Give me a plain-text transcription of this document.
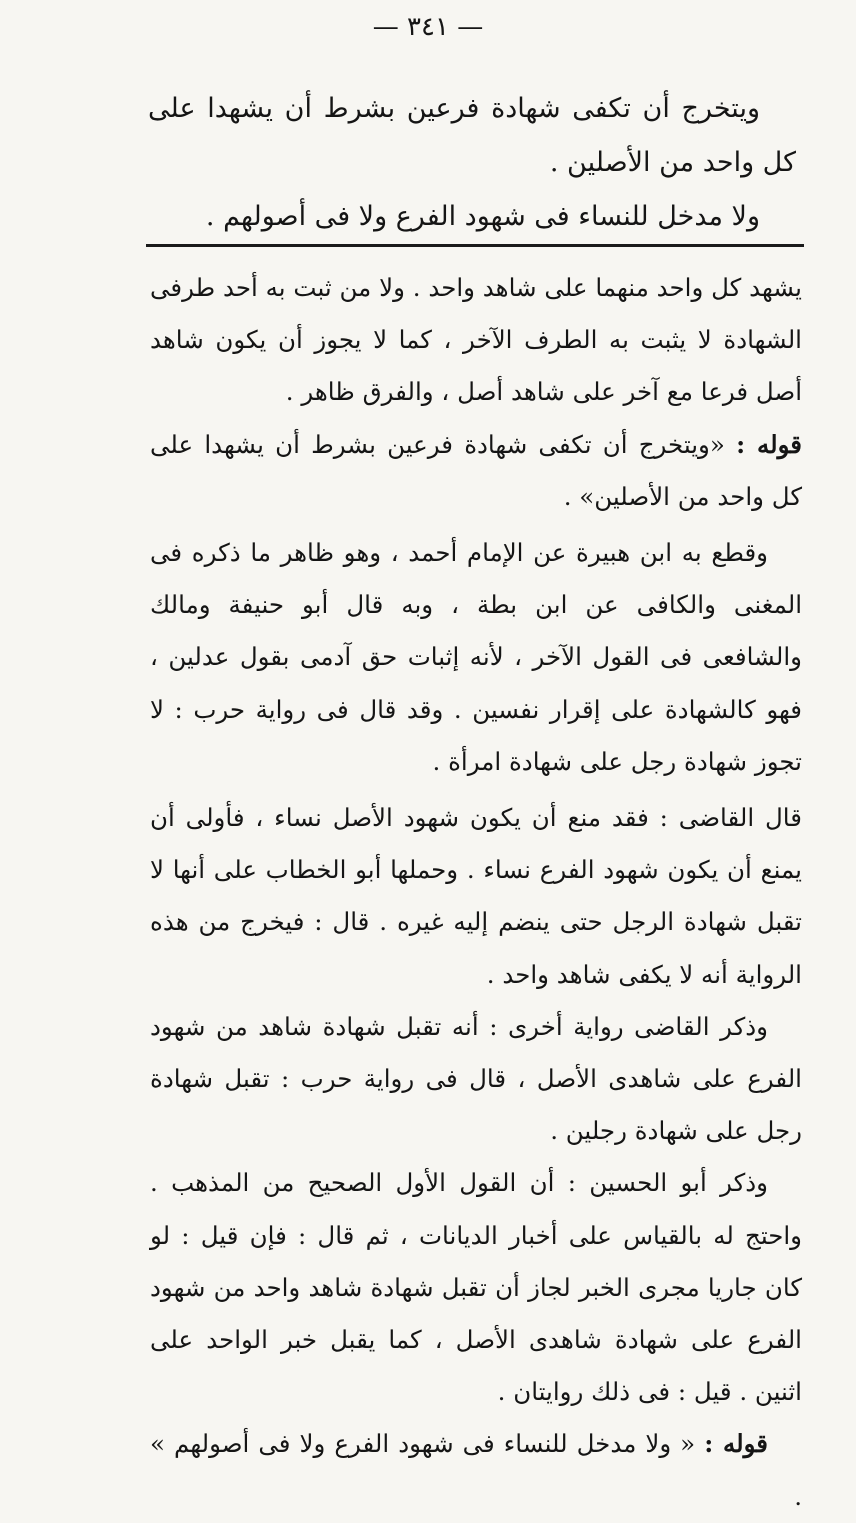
— ٣٤١ —

ويتخرج أن تكفى شهادة فرعين بشرط أن يشهدا على كل واحد من الأصلين .

ولا مدخل للنساء فى شهود الفرع ولا فى أصولهم .

يشهد كل واحد منهما على شاهد واحد . ولا من ثبت به أحد طرفى الشهادة لا يثبت به الطرف الآخر ، كما لا يجوز أن يكون شاهد أصل فرعا مع آخر على شاهد أصل ، والفرق ظاهر .

قوله : «ويتخرج أن تكفى شهادة فرعين بشرط أن يشهدا على كل واحد من الأصلين» .

وقطع به ابن هبيرة عن الإمام أحمد ، وهو ظاهر ما ذكره فى المغنى والكافى عن ابن بطة ، وبه قال أبو حنيفة ومالك والشافعى فى القول الآخر ، لأنه إثبات حق آدمى بقول عدلين ، فهو كالشهادة على إقرار نفسين . وقد قال فى رواية حرب : لا تجوز شهادة رجل على شهادة امرأة .

قال القاضى : فقد منع أن يكون شهود الأصل نساء ، فأولى أن يمنع أن يكون شهود الفرع نساء . وحملها أبو الخطاب على أنها لا تقبل شهادة الرجل حتى ينضم إليه غيره . قال : فيخرج من هذه الرواية أنه لا يكفى شاهد واحد .

وذكر القاضى رواية أخرى : أنه تقبل شهادة شاهد من شهود الفرع على شاهدى الأصل ، قال فى رواية حرب : تقبل شهادة رجل على شهادة رجلين .

وذكر أبو الحسين : أن القول الأول الصحيح من المذهب . واحتج له بالقياس على أخبار الديانات ، ثم قال : فإن قيل : لو كان جاريا مجرى الخبر لجاز أن تقبل شهادة شاهد واحد من شهود الفرع على شهادة شاهدى الأصل ، كما يقبل خبر الواحد على اثنين . قيل : فى ذلك روايتان .

قوله : « ولا مدخل للنساء فى شهود الفرع ولا فى أصولهم » .
